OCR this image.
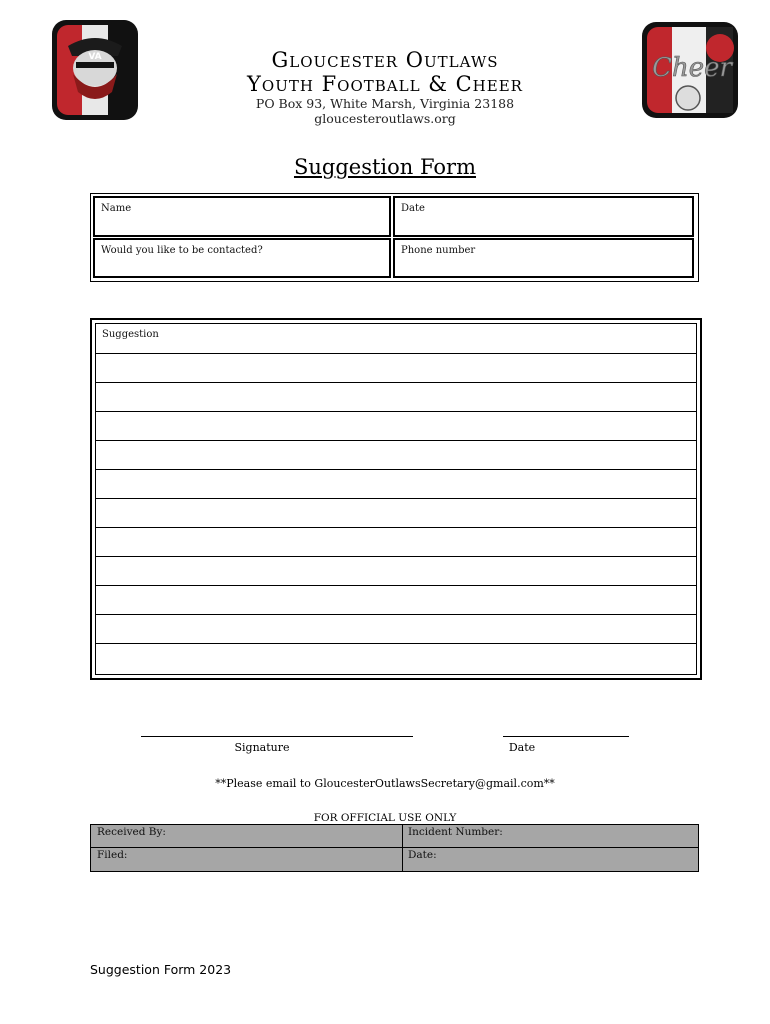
VA	Cheer
Gloucester Outlaws
Youth Football & Cheer
PO Box 93, White Marsh, Virginia 23188
gloucesteroutlaws.org
Suggestion Form
Name	Date
Would you like to be contacted?	Phone number
Suggestion
Signature	Date
**Please email to GloucesterOutlawsSecretary@gmail.com**
FOR OFFICIAL USE ONLY
Received By:	Incident Number:
Filed:	Date:
Suggestion Form 2023
